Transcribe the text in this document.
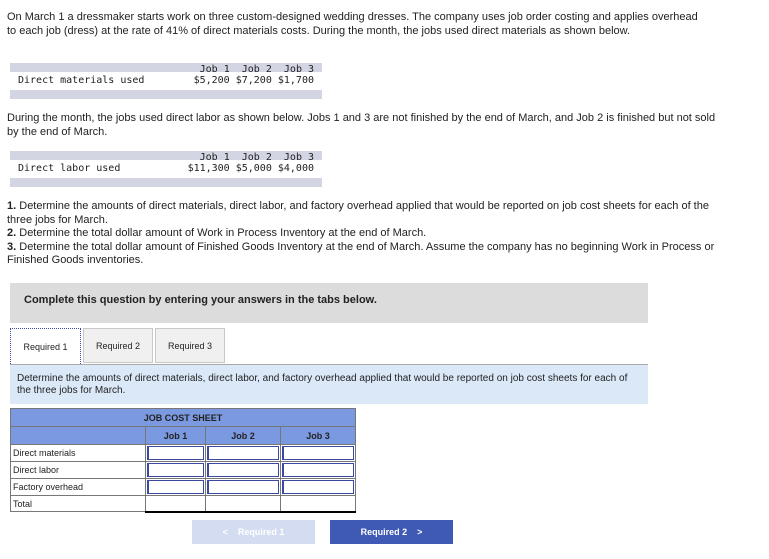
On March 1 a dressmaker starts work on three custom-designed wedding dresses. The company uses job order costing and applies overhead to each job (dress) at the rate of 41% of direct materials costs. During the month, the jobs used direct materials as shown below.

Job 1  Job 2  Job 3
Direct materials used	$5,200 $7,200 $1,700

During the month, the jobs used direct labor as shown below. Jobs 1 and 3 are not finished by the end of March, and Job 2 is finished but not sold by the end of March.

Job 1  Job 2  Job 3
Direct labor used	$11,300 $5,000 $4,000

1. Determine the amounts of direct materials, direct labor, and factory overhead applied that would be reported on job cost sheets for each of the three jobs for March.

2. Determine the total dollar amount of Work in Process Inventory at the end of March.

3. Determine the total dollar amount of Finished Goods Inventory at the end of March. Assume the company has no beginning Work in Process or Finished Goods inventories.

Complete this question by entering your answers in the tabs below.
Required 1	Required 2	Required 3
Determine the amounts of direct materials, direct labor, and factory overhead applied that would be reported on job cost sheets for each of the three jobs for March.
JOB COST SHEET			
	Job 1	Job 2	Job 3
Direct materials			
Direct labor			
Factory overhead			
Total			
< Required 1	Required 2 >
